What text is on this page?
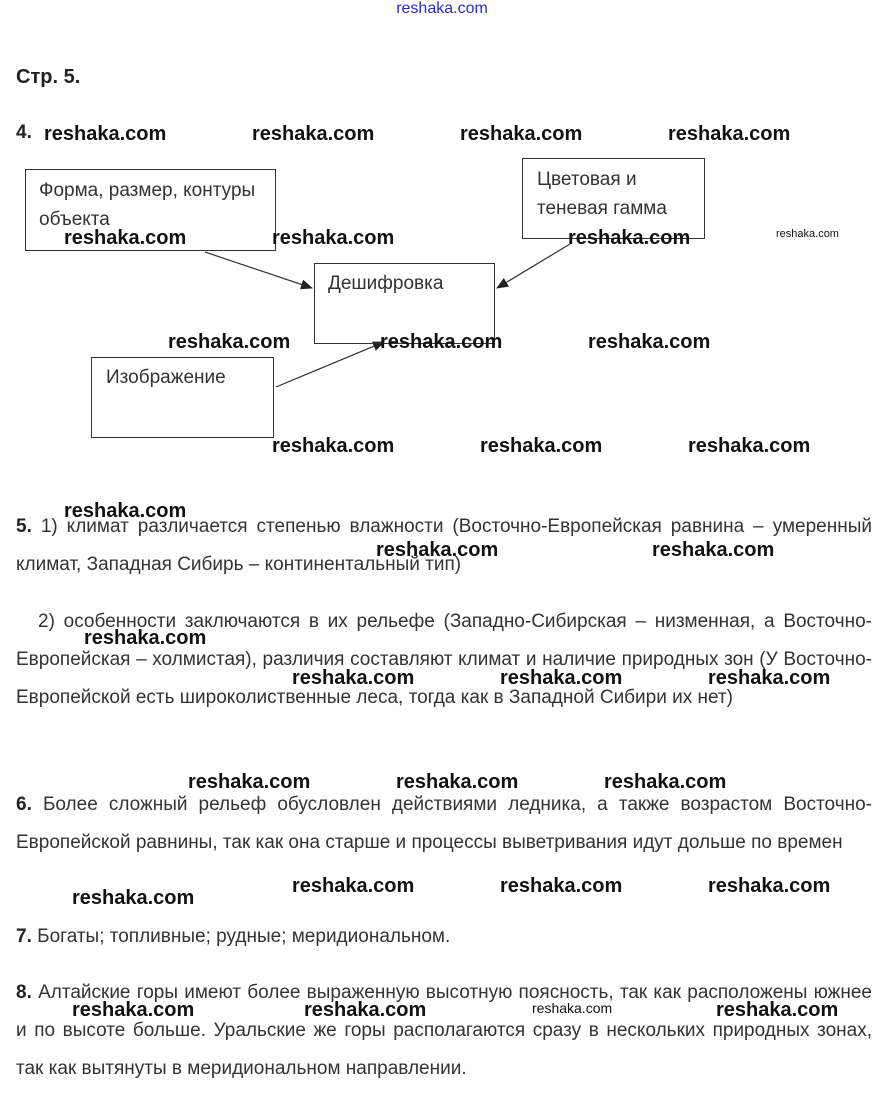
reshaka.com
Стр. 5.
4.
Форма, размер, контуры объекта
Цветовая и теневая гамма
Дешифровка
Изображение
5. 1) климат различается степенью влажности (Восточно-Европейская равнина – умеренный климат, Западная Сибирь – континентальный тип)
2) особенности заключаются в их рельефе (Западно-Сибирская – низменная, а Восточно-Европейская – холмистая), различия составляют климат и наличие природных зон (У Восточно-Европейской есть широколиственные леса, тогда как в Западной Сибири их нет)
6. Более сложный рельеф обусловлен действиями ледника, а также возрастом Восточно-Европейской равнины, так как она старше и процессы выветривания идут дольше по времен
7. Богаты; топливные; рудные; меридиональном.
8. Алтайские горы имеют более выраженную высотную поясность, так как расположены южнее и по высоте больше. Уральские же горы располагаются сразу в нескольких природных зонах, так как вытянуты в меридиональном направлении.
reshaka.com	reshaka.com	reshaka.com	reshaka.com
reshaka.com	reshaka.com	reshaka.com	reshaka.com
reshaka.com	reshaka.com	reshaka.com
reshaka.com	reshaka.com	reshaka.com
reshaka.com
reshaka.com	reshaka.com
reshaka.com
reshaka.com	reshaka.com	reshaka.com
reshaka.com	reshaka.com	reshaka.com
reshaka.com	reshaka.com	reshaka.com
reshaka.com
reshaka.com	reshaka.com	reshaka.com	reshaka.com
